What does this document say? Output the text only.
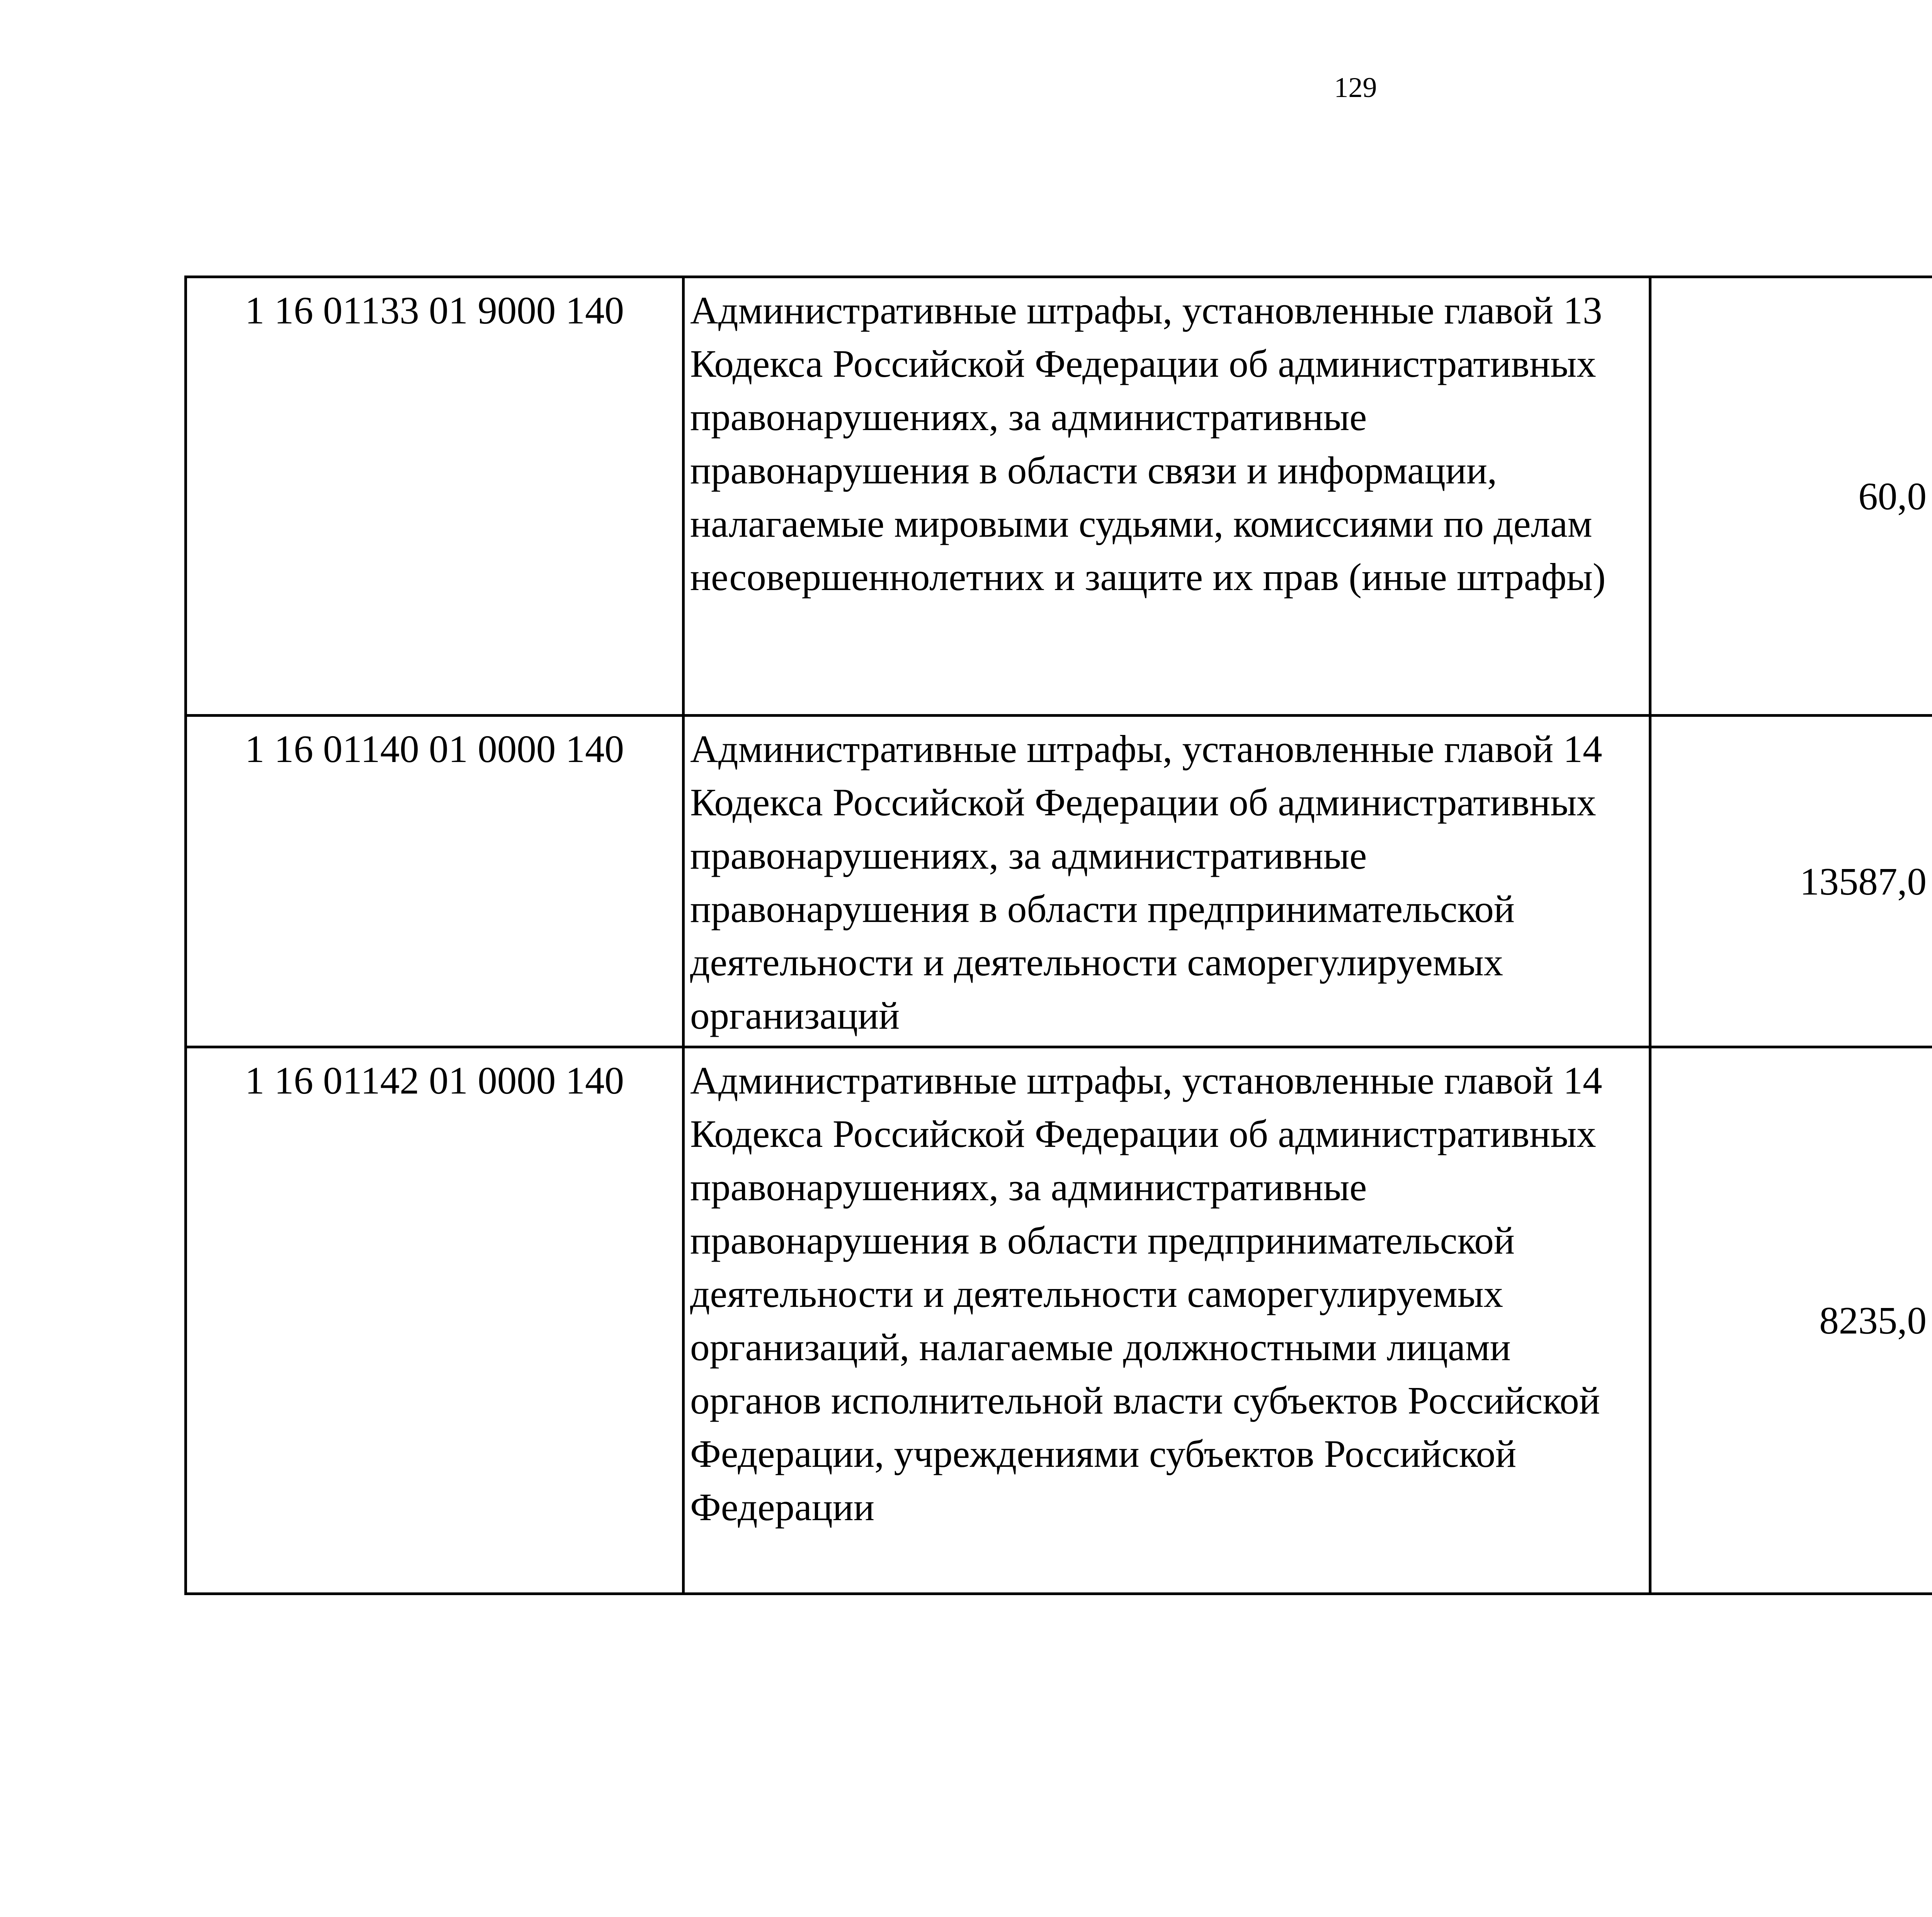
129
1 16 01133 01 9000 140	Административные штрафы, установленные главой 13 Кодекса Российской Федерации об административных правонарушениях, за административные правонарушения в области связи и информации, налагаемые мировыми судьями, комиссиями по делам несовершеннолетних и защите их прав (иные штрафы)	60,0		
1 16 01140 01 0000 140	Административные штрафы, установленные главой 14 Кодекса Российской Федерации об административных правонарушениях, за административные правонарушения в области предпринимательской деятельности и деятельности саморегулируемых организаций	13587,0		
1 16 01142 01 0000 140	Административные штрафы, установленные главой 14 Кодекса Российской Федерации об административных правонарушениях, за административные правонарушения в области предпринимательской деятельности и деятельности саморегулируемых организаций, налагаемые должностными лицами органов исполнительной власти субъектов Российской Федерации, учреждениями субъектов Российской Федерации	8235,0		
